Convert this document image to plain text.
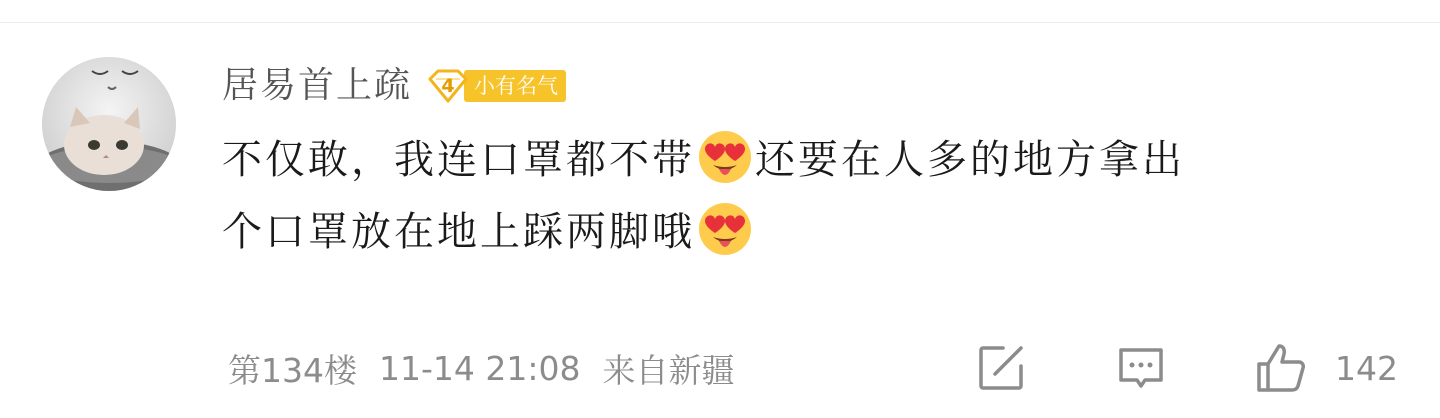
居易首上疏	4 小有名气
不仅敢，我连口罩都不带 还要在人多的地方拿出
个口罩放在地上踩两脚哦
第134楼 11-14 21:08 来自新疆	142
